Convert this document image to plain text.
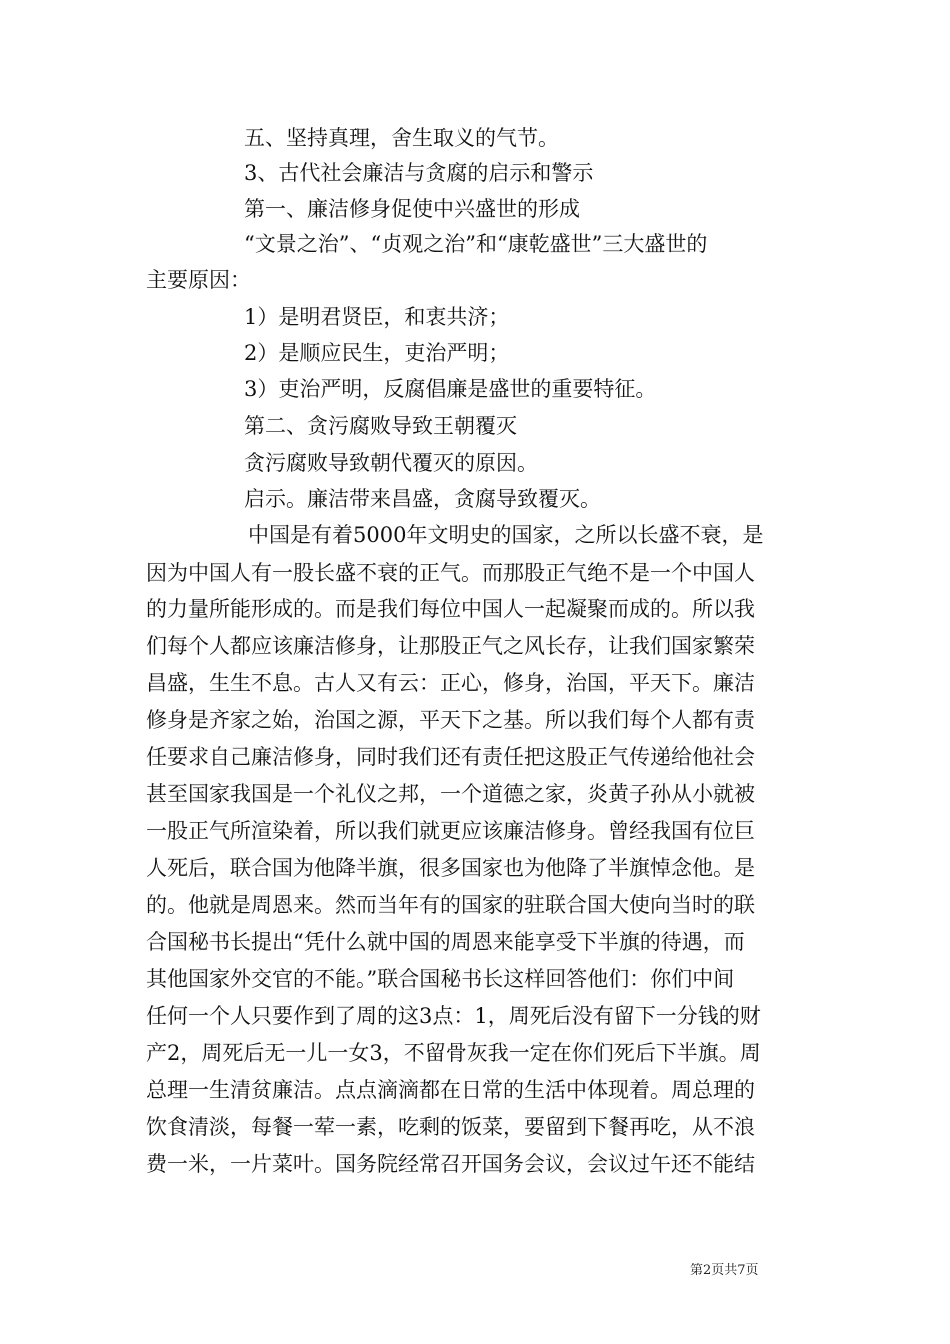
五、坚持真理，舍生取义的气节。

3、古代社会廉洁与贪腐的启示和警示

第一、廉洁修身促使中兴盛世的形成

“文景之治”、“贞观之治”和“康乾盛世”三大盛世的

主要原因：

1）是明君贤臣，和衷共济；

2）是顺应民生，吏治严明；

3）吏治严明，反腐倡廉是盛世的重要特征。

第二、贪污腐败导致王朝覆灭

贪污腐败导致朝代覆灭的原因。

启示。廉洁带来昌盛，贪腐导致覆灭。

中国是有着5000年文明史的国家，之所以长盛不衰，是

因为中国人有一股长盛不衰的正气。而那股正气绝不是一个中国人

的力量所能形成的。而是我们每位中国人一起凝聚而成的。所以我

们每个人都应该廉洁修身，让那股正气之风长存，让我们国家繁荣

昌盛，生生不息。古人又有云：正心，修身，治国，平天下。廉洁

修身是齐家之始，治国之源，平天下之基。所以我们每个人都有责

任要求自己廉洁修身，同时我们还有责任把这股正气传递给他社会

甚至国家我国是一个礼仪之邦，一个道德之家，炎黄子孙从小就被

一股正气所渲染着，所以我们就更应该廉洁修身。曾经我国有位巨

人死后，联合国为他降半旗，很多国家也为他降了半旗悼念他。是

的。他就是周恩来。然而当年有的国家的驻联合国大使向当时的联

合国秘书长提出“凭什么就中国的周恩来能享受下半旗的待遇，而

其他国家外交官的不能。”联合国秘书长这样回答他们：你们中间

任何一个人只要作到了周的这3点：1，周死后没有留下一分钱的财

产2，周死后无一儿一女3，不留骨灰我一定在你们死后下半旗。周

总理一生清贫廉洁。点点滴滴都在日常的生活中体现着。周总理的

饮食清淡，每餐一荤一素，吃剩的饭菜，要留到下餐再吃，从不浪

费一米，一片菜叶。国务院经常召开国务会议，会议过午还不能结

第2页共7页
